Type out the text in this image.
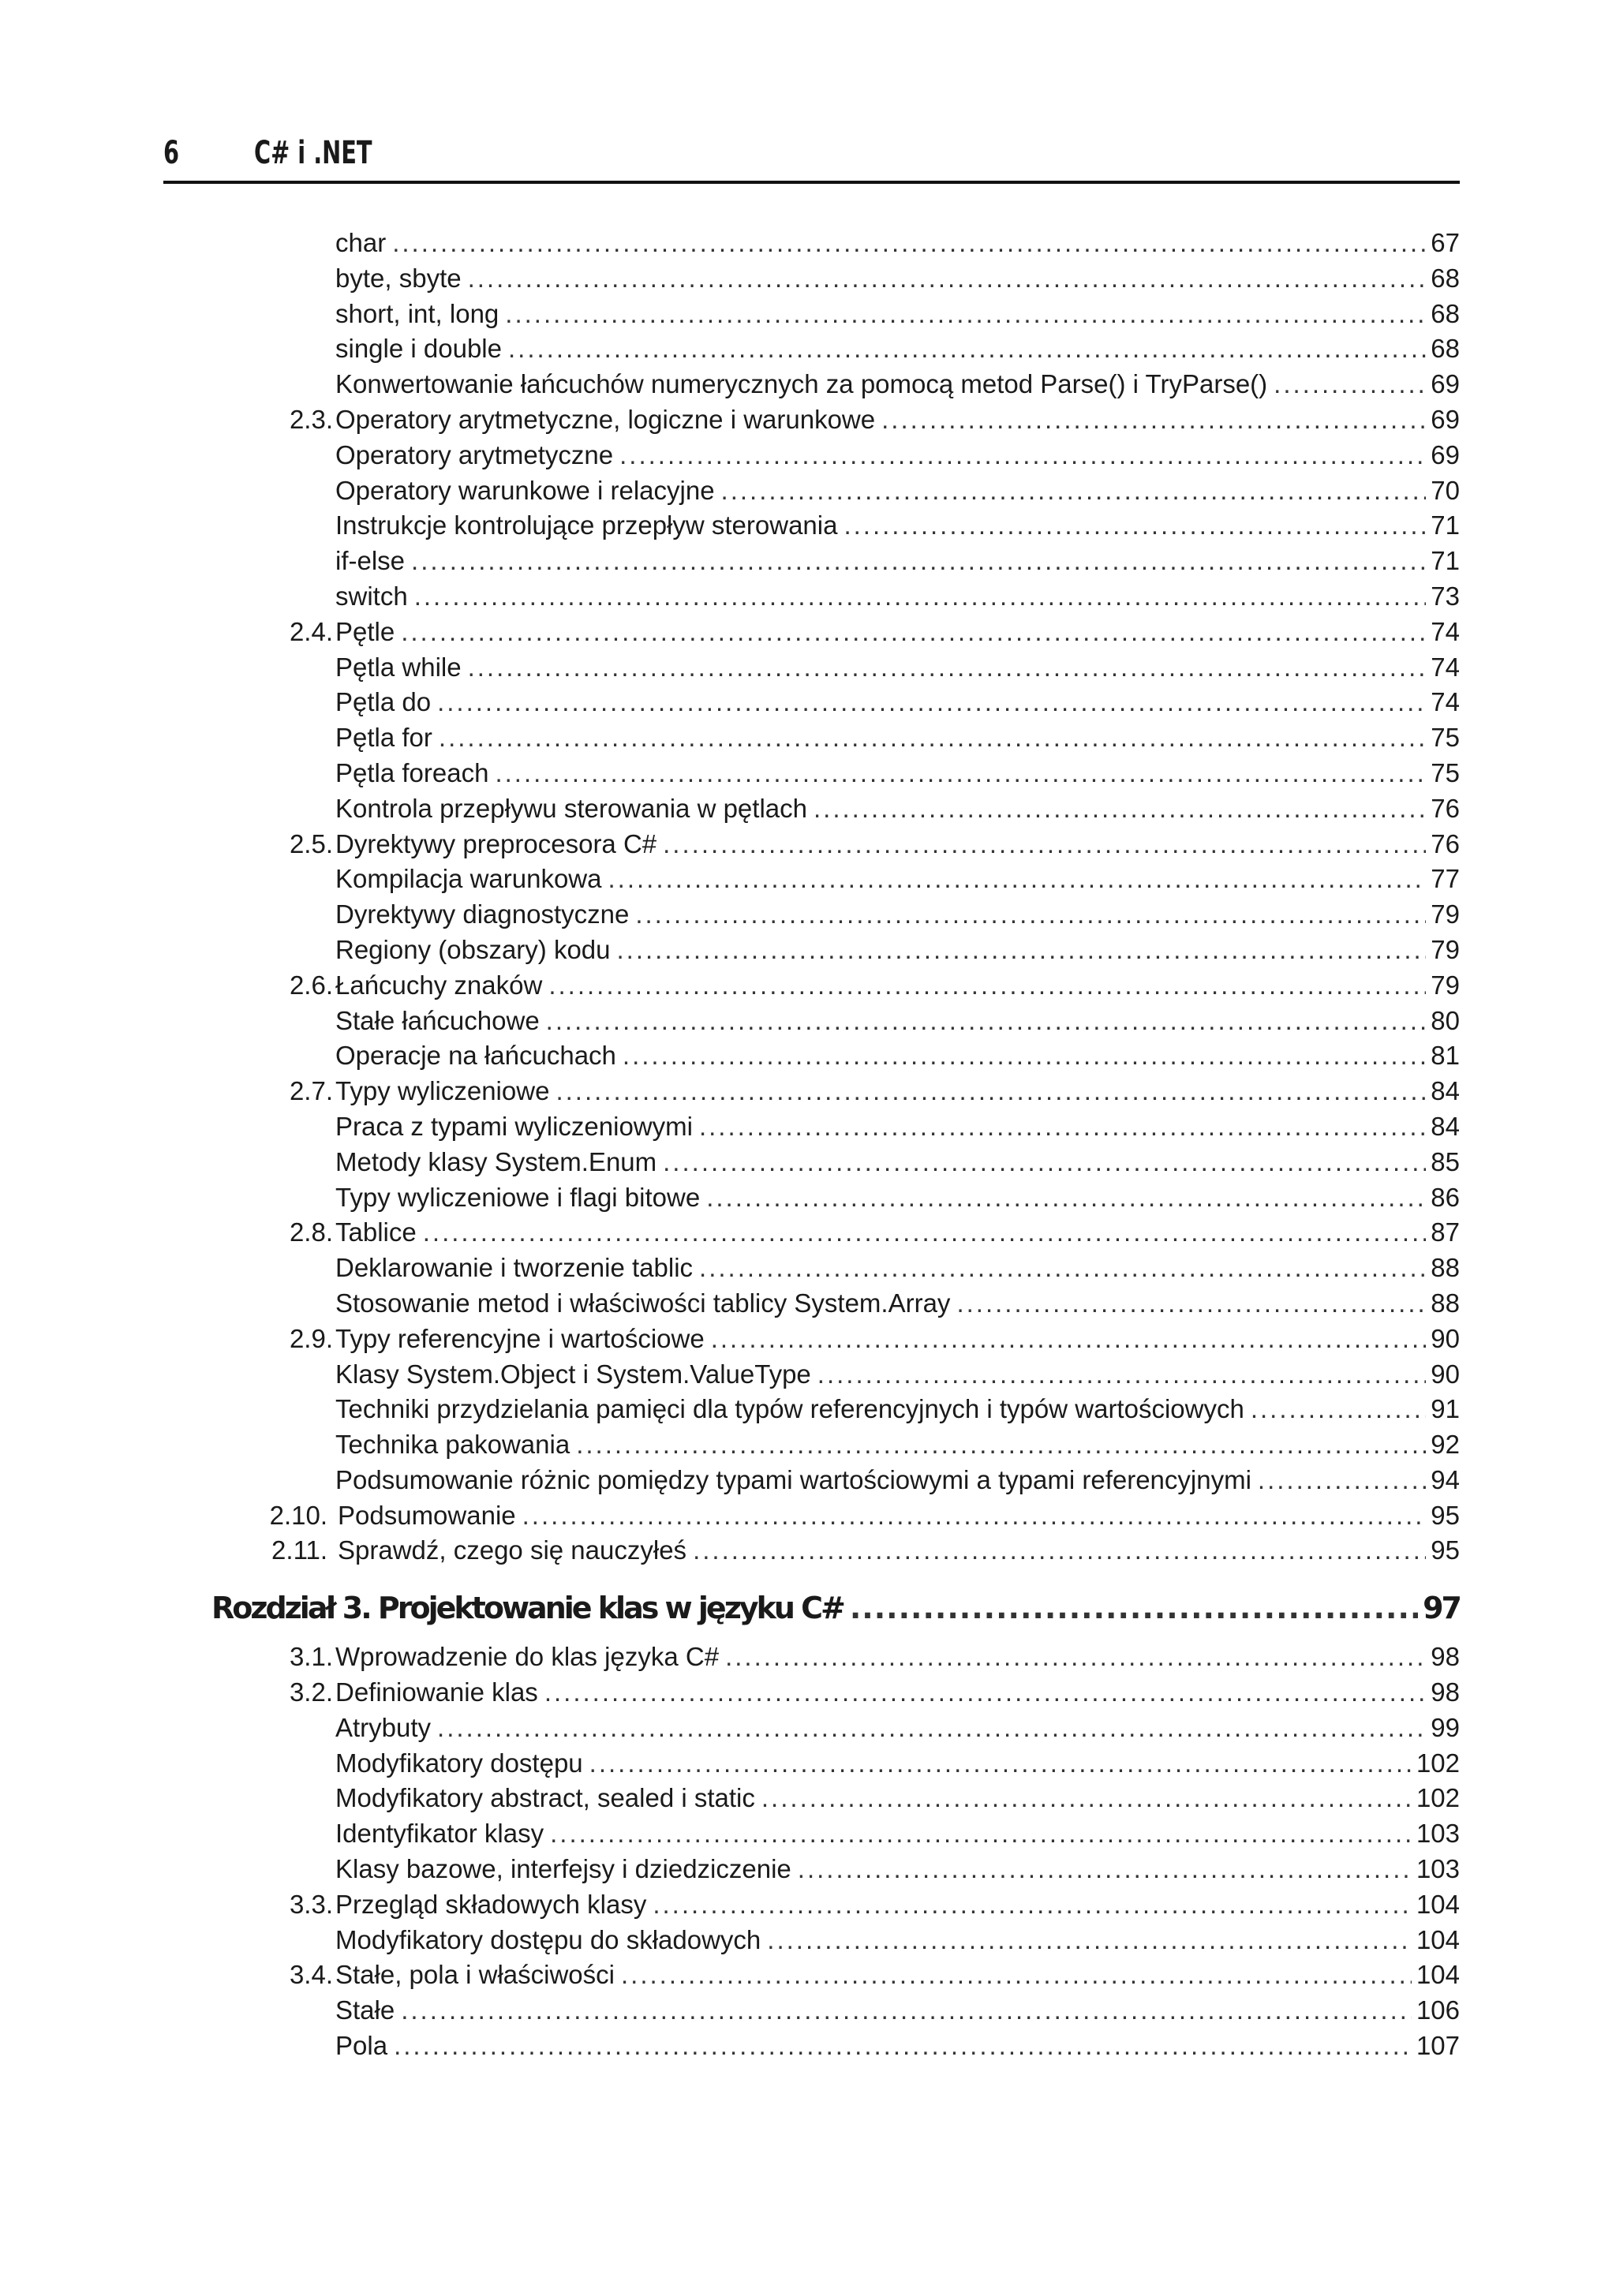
6 C# i .NET
char .....	67
byte, sbyte .....	68
short, int, long .....	68
single i double .....	68
Konwertowanie łańcuchów numerycznych za pomocą metod Parse() i TryParse() .....	69
2.3. Operatory arytmetyczne, logiczne i warunkowe .....	69
Operatory arytmetyczne .....	69
Operatory warunkowe i relacyjne .....	70
Instrukcje kontrolujące przepływ sterowania .....	71
if-else .....	71
switch .....	73
2.4. Pętle .....	74
Pętla while .....	74
Pętla do .....	74
Pętla for .....	75
Pętla foreach .....	75
Kontrola przepływu sterowania w pętlach .....	76
2.5. Dyrektywy preprocesora C# .....	76
Kompilacja warunkowa .....	77
Dyrektywy diagnostyczne .....	79
Regiony (obszary) kodu .....	79
2.6. Łańcuchy znaków .....	79
Stałe łańcuchowe .....	80
Operacje na łańcuchach .....	81
2.7. Typy wyliczeniowe .....	84
Praca z typami wyliczeniowymi .....	84
Metody klasy System.Enum .....	85
Typy wyliczeniowe i flagi bitowe .....	86
2.8. Tablice .....	87
Deklarowanie i tworzenie tablic .....	88
Stosowanie metod i właściwości tablicy System.Array .....	88
2.9. Typy referencyjne i wartościowe .....	90
Klasy System.Object i System.ValueType .....	90
Techniki przydzielania pamięci dla typów referencyjnych i typów wartościowych .....	91
Technika pakowania .....	92
Podsumowanie różnic pomiędzy typami wartościowymi a typami referencyjnymi .....	94
2.10. Podsumowanie .....	95
2.11. Sprawdź, czego się nauczyłeś .....	95
Rozdział 3. Projektowanie klas w języku C# .....	97
3.1. Wprowadzenie do klas języka C# .....	98
3.2. Definiowanie klas .....	98
Atrybuty .....	99
Modyfikatory dostępu .....	102
Modyfikatory abstract, sealed i static .....	102
Identyfikator klasy .....	103
Klasy bazowe, interfejsy i dziedziczenie .....	103
3.3. Przegląd składowych klasy .....	104
Modyfikatory dostępu do składowych .....	104
3.4. Stałe, pola i właściwości .....	104
Stałe .....	106
Pola .....	107
